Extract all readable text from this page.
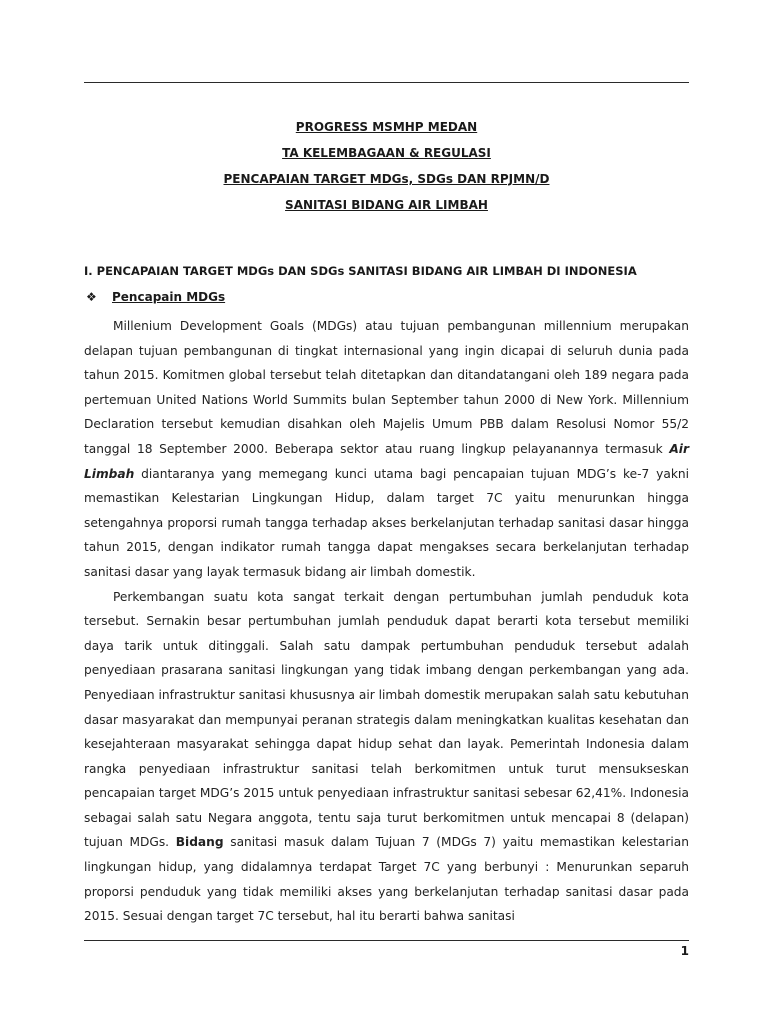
PROGRESS MSMHP MEDAN
TA KELEMBAGAAN & REGULASI
PENCAPAIAN TARGET MDGs, SDGs DAN RPJMN/D
SANITASI BIDANG AIR LIMBAH
I. PENCAPAIAN TARGET MDGs DAN SDGs SANITASI BIDANG AIR LIMBAH DI INDONESIA
❖ Pencapain MDGs

Millenium Development Goals (MDGs) atau tujuan pembangunan millennium merupakan delapan tujuan pembangunan di tingkat internasional yang ingin dicapai di seluruh dunia pada tahun 2015. Komitmen global tersebut telah ditetapkan dan ditandatangani oleh 189 negara pada pertemuan United Nations World Summits bulan September tahun 2000 di New York. Millennium Declaration tersebut kemudian disahkan oleh Majelis Umum PBB dalam Resolusi Nomor 55/2 tanggal 18 September 2000. Beberapa sektor atau ruang lingkup pelayanannya termasuk Air Limbah diantaranya yang memegang kunci utama bagi pencapaian tujuan MDG’s ke-7 yakni memastikan Kelestarian Lingkungan Hidup, dalam target 7C yaitu menurunkan hingga setengahnya proporsi rumah tangga terhadap akses berkelanjutan terhadap sanitasi dasar hingga tahun 2015, dengan indikator rumah tangga dapat mengakses secara berkelanjutan terhadap sanitasi dasar yang layak termasuk bidang air limbah domestik.

Perkembangan suatu kota sangat terkait dengan pertumbuhan jumlah penduduk kota tersebut. Sernakin besar pertumbuhan jumlah penduduk dapat berarti kota tersebut memiliki daya tarik untuk ditinggali. Salah satu dampak pertumbuhan penduduk tersebut adalah penyediaan prasarana sanitasi lingkungan yang tidak imbang dengan perkembangan yang ada. Penyediaan infrastruktur sanitasi khususnya air limbah domestik merupakan salah satu kebutuhan dasar masyarakat dan mempunyai peranan strategis dalam meningkatkan kualitas kesehatan dan kesejahteraan masyarakat sehingga dapat hidup sehat dan layak. Pemerintah Indonesia dalam rangka penyediaan infrastruktur sanitasi telah berkomitmen untuk turut mensukseskan pencapaian target MDG’s 2015 untuk penyediaan infrastruktur sanitasi sebesar 62,41%. Indonesia sebagai salah satu Negara anggota, tentu saja turut berkomitmen untuk mencapai 8 (delapan) tujuan MDGs. Bidang sanitasi masuk dalam Tujuan 7 (MDGs 7) yaitu memastikan kelestarian lingkungan hidup, yang didalamnya terdapat Target 7C yang berbunyi : Menurunkan separuh proporsi penduduk yang tidak memiliki akses yang berkelanjutan terhadap sanitasi dasar pada 2015. Sesuai dengan target 7C tersebut, hal itu berarti bahwa sanitasi

1
